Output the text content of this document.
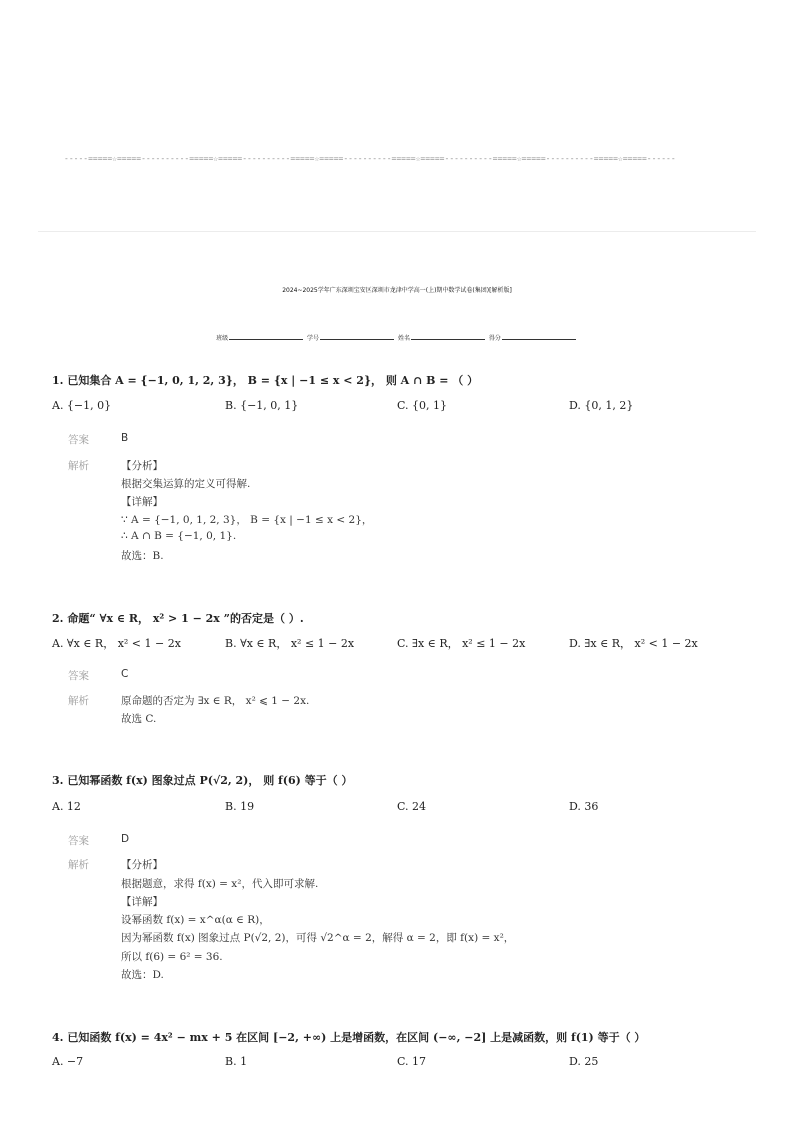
-----=====☆=====----------=====☆=====----------=====☆=====----------=====☆=====----------=====☆=====----------=====☆=====------
2024~2025学年广东深圳宝安区深圳市龙津中学高一(上)期中数学试卷(集团)[解析版]
班级	学号	姓名	得分
1. 已知集合 A = {−1, 0, 1, 2, 3}， B = {x | −1 ≤ x < 2}， 则 A ∩ B = （ ）
A. {−1, 0}	B. {−1, 0, 1}	C. {0, 1}	D. {0, 1, 2}
答案	B
解析	【分析】
根据交集运算的定义可得解.
【详解】
∵ A = {−1, 0, 1, 2, 3}， B = {x | −1 ≤ x < 2}，
∴ A ∩ B = {−1, 0, 1}.
故选：B.
2. 命题“ ∀x ∈ R， x² > 1 − 2x ”的否定是（ ）.
A. ∀x ∈ R， x² < 1 − 2x	B. ∀x ∈ R， x² ≤ 1 − 2x	C. ∃x ∈ R， x² ≤ 1 − 2x	D. ∃x ∈ R， x² < 1 − 2x
答案	C
解析	原命题的否定为 ∃x ∈ R， x² ⩽ 1 − 2x.
故选 C.
3. 已知幂函数 f(x) 图象过点 P(√2, 2)， 则 f(6) 等于（ ）
A. 12	B. 19	C. 24	D. 36
答案	D
解析	【分析】
根据题意，求得 f(x) = x²，代入即可求解.
【详解】
设幂函数 f(x) = x^α(α ∈ R)，
因为幂函数 f(x) 图象过点 P(√2, 2)，可得 √2^α = 2，解得 α = 2，即 f(x) = x²，
所以 f(6) = 6² = 36.
故选：D.
4. 已知函数 f(x) = 4x² − mx + 5 在区间 [−2, +∞) 上是增函数，在区间 (−∞, −2] 上是减函数，则 f(1) 等于（ ）
A. −7	B. 1	C. 17	D. 25
